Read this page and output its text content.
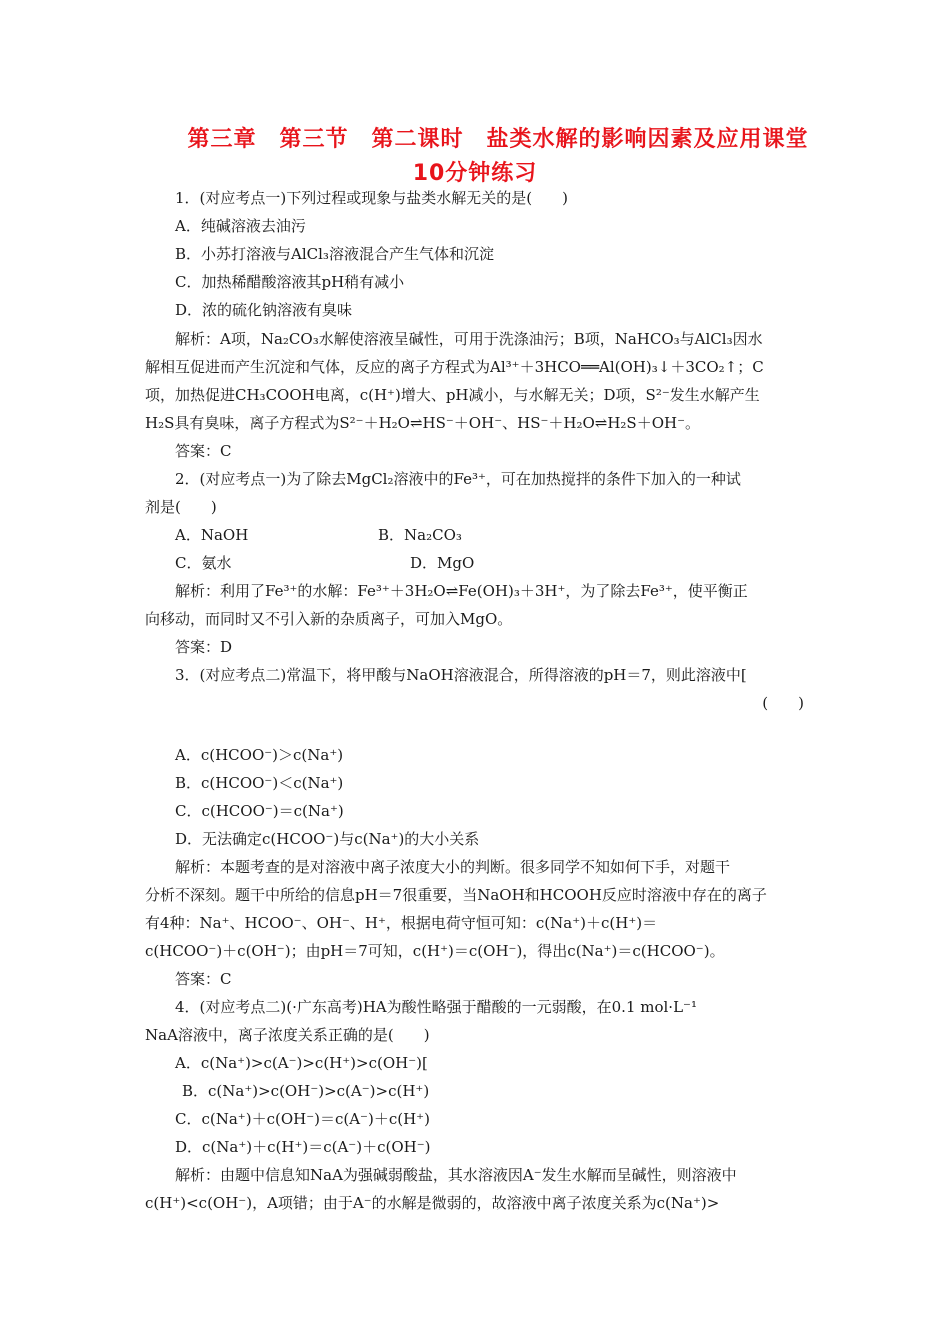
第三章　第三节　第二课时　盐类水解的影响因素及应用课堂
10分钟练习
1．(对应考点一)下列过程或现象与盐类水解无关的是(　　)
A．纯碱溶液去油污
B．小苏打溶液与AlCl₃溶液混合产生气体和沉淀
C．加热稀醋酸溶液其pH稍有减小
D．浓的硫化钠溶液有臭味
解析：A项，Na₂CO₃水解使溶液呈碱性，可用于洗涤油污；B项，NaHCO₃与AlCl₃因水
解相互促进而产生沉淀和气体，反应的离子方程式为Al³⁺＋3HCO══Al(OH)₃↓＋3CO₂↑；C
项，加热促进CH₃COOH电离，c(H⁺)增大、pH减小，与水解无关；D项，S²⁻发生水解产生
H₂S具有臭味，离子方程式为S²⁻＋H₂O⇌HS⁻＋OH⁻、HS⁻＋H₂O⇌H₂S＋OH⁻。
答案：C
2．(对应考点一)为了除去MgCl₂溶液中的Fe³⁺，可在加热搅拌的条件下加入的一种试
剂是(　　)
A．NaOH	B．Na₂CO₃
C．氨水	D．MgO
解析：利用了Fe³⁺的水解：Fe³⁺＋3H₂O⇌Fe(OH)₃＋3H⁺，为了除去Fe³⁺，使平衡正
向移动，而同时又不引入新的杂质离子，可加入MgO。
答案：D
3．(对应考点二)常温下，将甲酸与NaOH溶液混合，所得溶液的pH＝7，则此溶液中[
(　　)
A．c(HCOO⁻)＞c(Na⁺)
B．c(HCOO⁻)＜c(Na⁺)
C．c(HCOO⁻)＝c(Na⁺)
D．无法确定c(HCOO⁻)与c(Na⁺)的大小关系
解析：本题考查的是对溶液中离子浓度大小的判断。很多同学不知如何下手，对题干
分析不深刻。题干中所给的信息pH＝7很重要，当NaOH和HCOOH反应时溶液中存在的离子
有4种：Na⁺、HCOO⁻、OH⁻、H⁺，根据电荷守恒可知：c(Na⁺)＋c(H⁺)＝
c(HCOO⁻)＋c(OH⁻)；由pH＝7可知，c(H⁺)＝c(OH⁻)，得出c(Na⁺)＝c(HCOO⁻)。
答案：C
4．(对应考点二)(·广东高考)HA为酸性略强于醋酸的一元弱酸，在0.1 mol·L⁻¹
NaA溶液中，离子浓度关系正确的是(　　)
A．c(Na⁺)>c(A⁻)>c(H⁺)>c(OH⁻)[
B．c(Na⁺)>c(OH⁻)>c(A⁻)>c(H⁺)
C．c(Na⁺)＋c(OH⁻)＝c(A⁻)＋c(H⁺)
D．c(Na⁺)＋c(H⁺)＝c(A⁻)＋c(OH⁻)
解析：由题中信息知NaA为强碱弱酸盐，其水溶液因A⁻发生水解而呈碱性，则溶液中
c(H⁺)<c(OH⁻)，A项错；由于A⁻的水解是微弱的，故溶液中离子浓度关系为c(Na⁺)>
